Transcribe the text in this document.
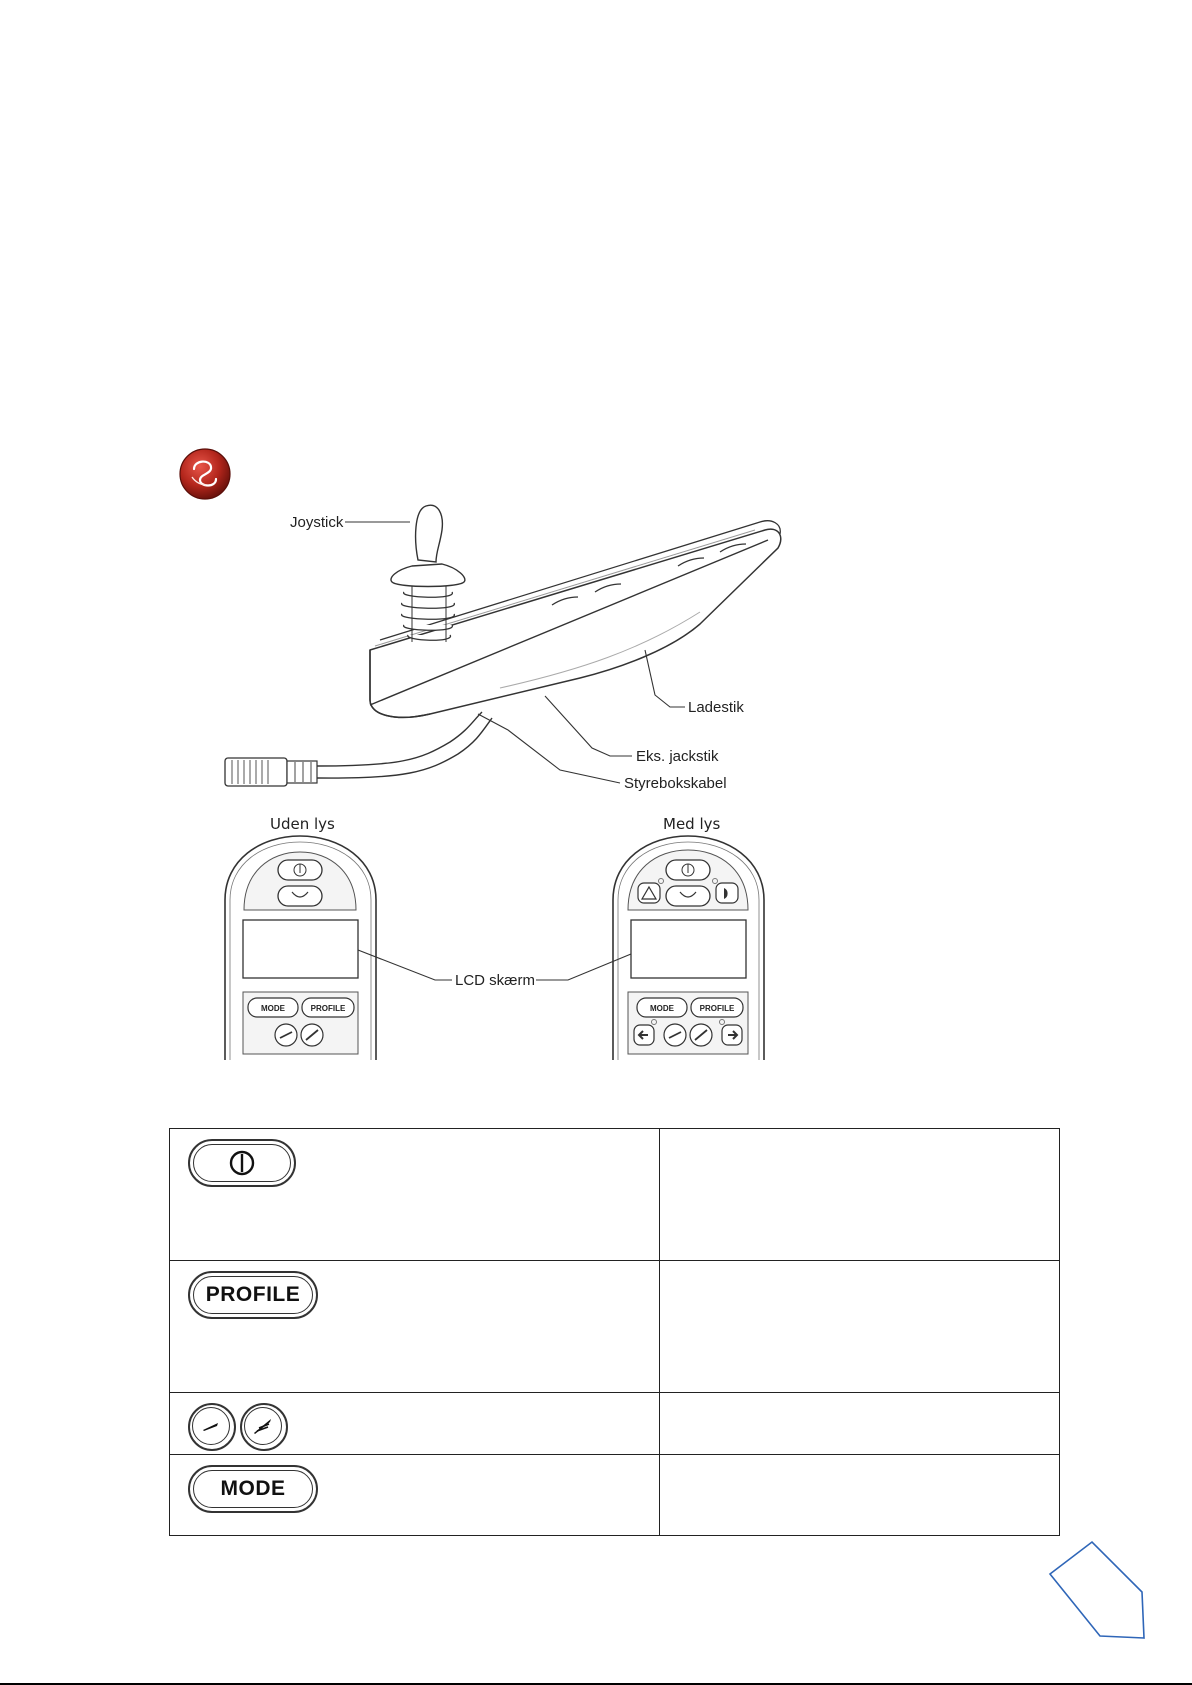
Joystick
Ladestik
Eks. jackstik
Styrebokskabel
Uden lys
MODE	PROFILE
Med lys
MODE	PROFILE
LCD skærm

PROFILE	

MODE	
